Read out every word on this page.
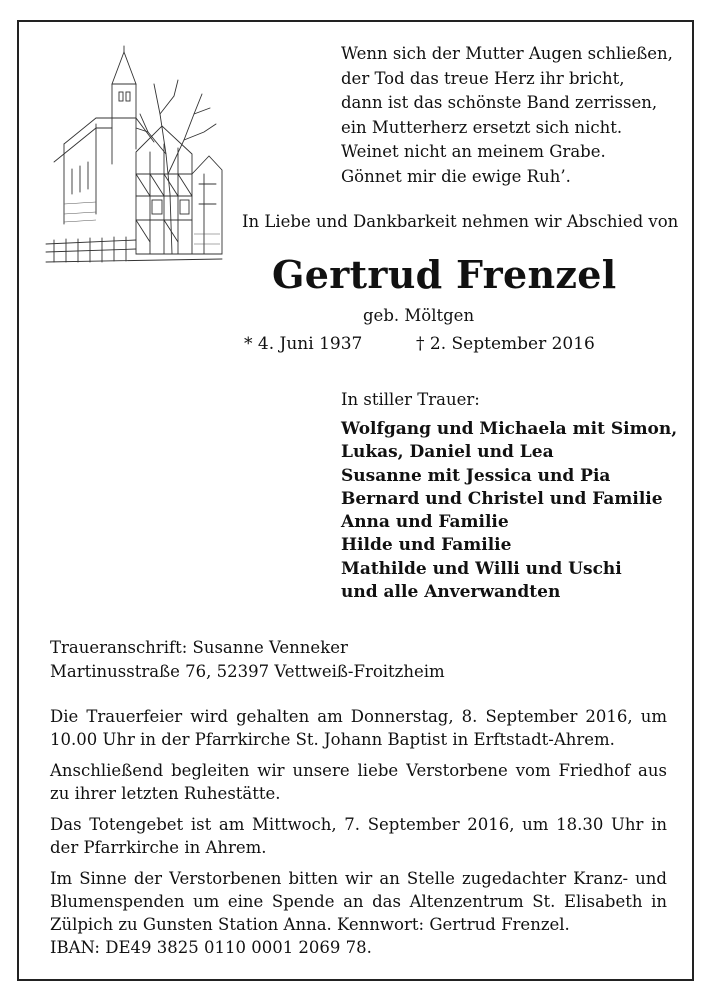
Wenn sich der Mutter Augen schließen,
der Tod das treue Herz ihr bricht,
dann ist das schönste Band zerrissen,
ein Mutterherz ersetzt sich nicht.
Weinet nicht an meinem Grabe.
Gönnet mir die ewige Ruh’.
In Liebe und Dankbarkeit nehmen wir Abschied von
Gertrud Frenzel
geb. Möltgen
* 4. Juni 1937	† 2. September 2016
In stiller Trauer:
Wolfgang und Michaela mit Simon,
Lukas, Daniel und Lea
Susanne mit Jessica und Pia
Bernard und Christel und Familie
Anna und Familie
Hilde und Familie
Mathilde und Willi und Uschi
und alle Anverwandten
Traueranschrift: Susanne Venneker
Martinusstraße 76, 52397 Vettweiß-Froitzheim

Die Trauerfeier wird gehalten am Donnerstag, 8. September 2016, um 10.00 Uhr in der Pfarrkirche St. Johann Baptist in Erftstadt-Ahrem.

Anschließend begleiten wir unsere liebe Verstorbene vom Friedhof aus zu ihrer letzten Ruhestätte.

Das Totengebet ist am Mittwoch, 7. September 2016, um 18.30 Uhr in der Pfarrkirche in Ahrem.

Im Sinne der Verstorbenen bitten wir an Stelle zugedachter Kranz- und Blumenspenden um eine Spende an das Altenzentrum St. Elisabeth in Zülpich zu Gunsten Station Anna. Kennwort: Gertrud Frenzel.

IBAN: DE49 3825 0110 0001 2069 78.
